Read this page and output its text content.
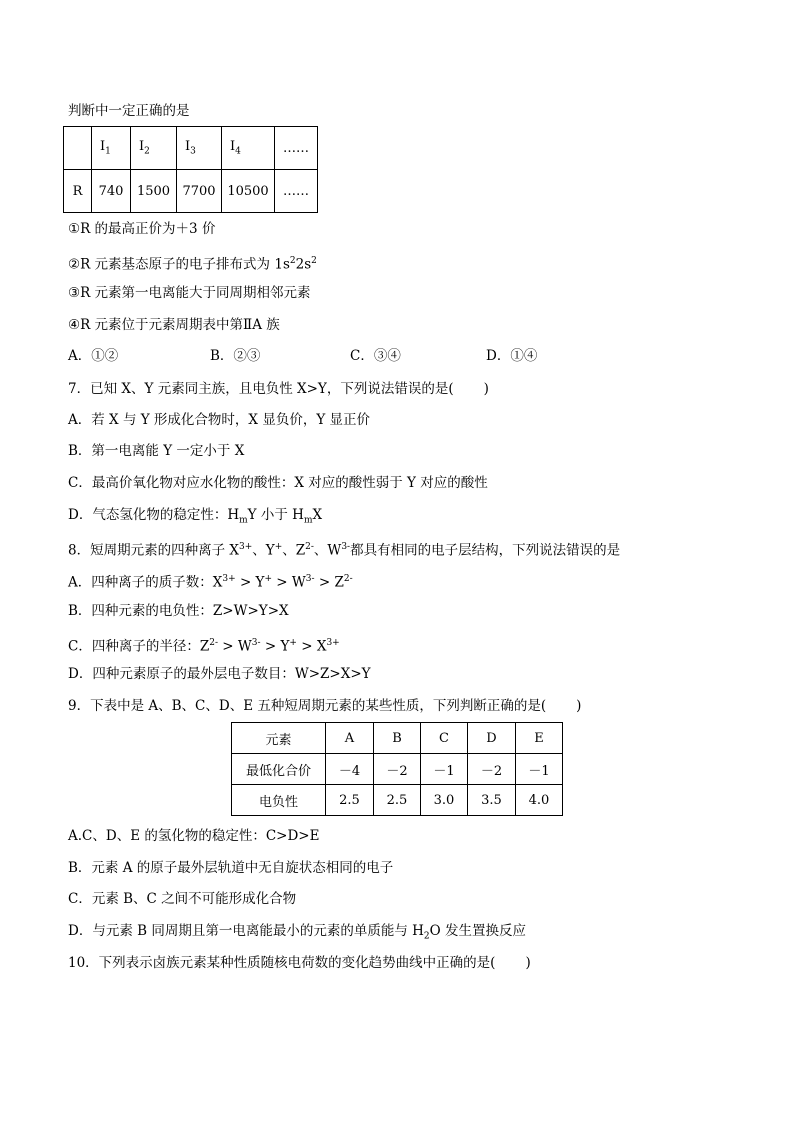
判断中一定正确的是
	$I_1$	$I_2$	$I_3$	$I_4$	……
R	740	1500	7700	10500	……
①R 的最高正价为＋3 价
②R 元素基态原子的电子排布式为 $1s^22s^2$
③R 元素第一电离能大于同周期相邻元素
④R 元素位于元素周期表中第ⅡA 族
A．①②	B．②③	C．③④	D．①④
7．已知 X、Y 元素同主族，且电负性 X>Y，下列说法错误的是( )
A．若 X 与 Y 形成化合物时，X 显负价，Y 显正价
B．第一电离能 Y 一定小于 X
C．最高价氧化物对应水化物的酸性：X 对应的酸性弱于 Y 对应的酸性
D．气态氢化物的稳定性：$H_mY$ 小于 $H_mX$
8．短周期元素的四种离子 $X^{3+}$、Y+、$Z^{2-}$、$W^{3-}$都具有相同的电子层结构，下列说法错误的是
A．四种离子的质子数：$X^{3+} > Y^+ > W^{3-} > Z^{2-}$
B．四种元素的电负性：Z>W>Y>X
C．四种离子的半径：$Z^{2-} > W^{3-} > Y^+ > X^{3+}$
D．四种元素原子的最外层电子数目：W>Z>X>Y
9．下表中是 A、B、C、D、E 五种短周期元素的某些性质，下列判断正确的是( )
元素	A	B	C	D	E
最低化合价	－4	－2	－1	－2	－1
电负性	2.5	2.5	3.0	3.5	4.0
A.C、D、E 的氢化物的稳定性：C>D>E
B．元素 A 的原子最外层轨道中无自旋状态相同的电子
C．元素 B、C 之间不可能形成化合物
D．与元素 B 同周期且第一电离能最小的元素的单质能与 $H_2O$ 发生置换反应
10．下列表示卤族元素某种性质随核电荷数的变化趋势曲线中正确的是( )
